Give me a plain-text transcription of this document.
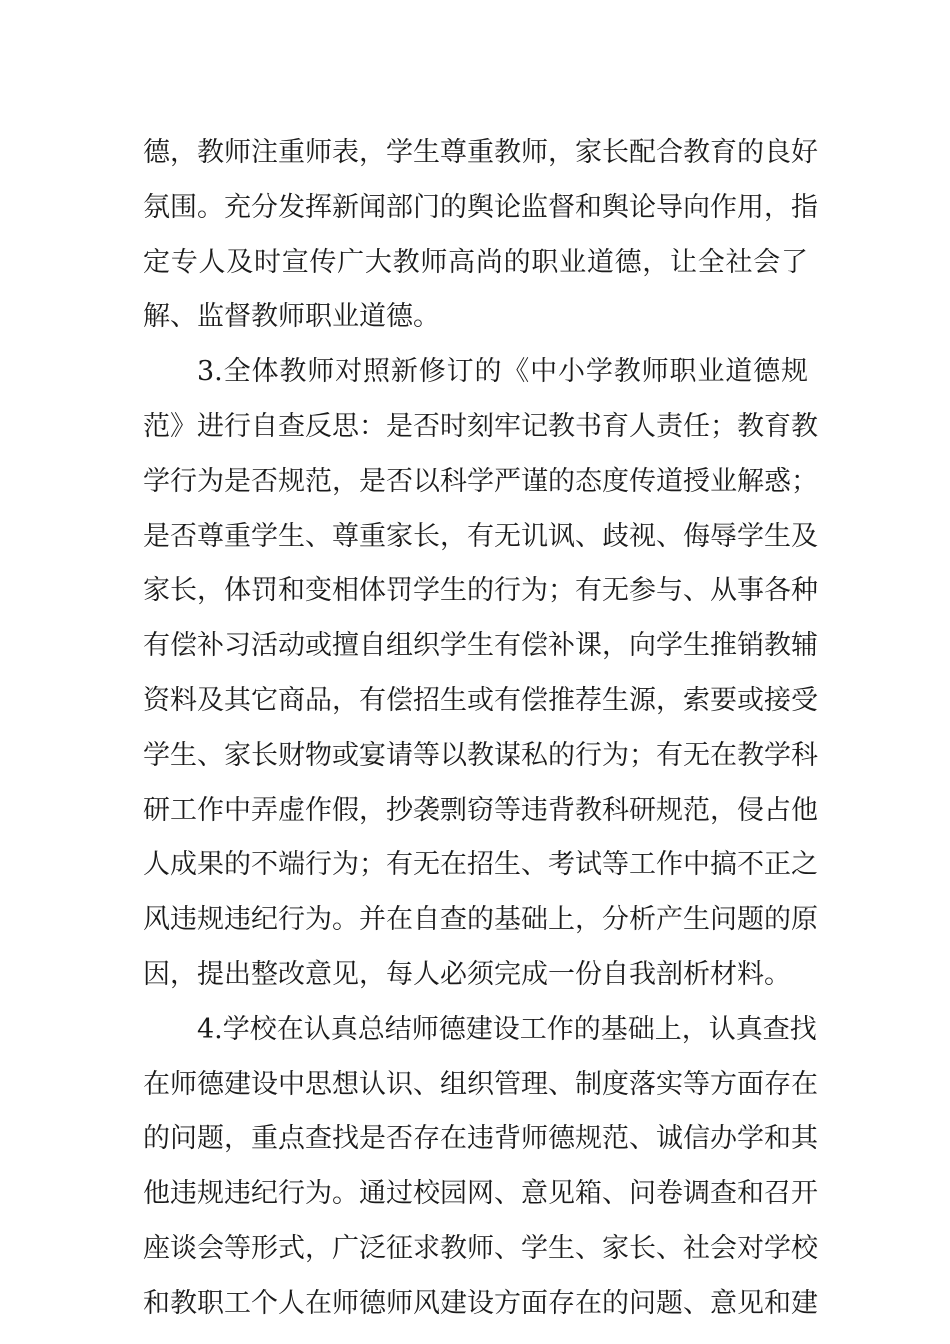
德，教师注重师表，学生尊重教师，家长配合教育的良好
氛围。充分发挥新闻部门的舆论监督和舆论导向作用，指
定专人及时宣传广大教师高尚的职业道德，让全社会了
解、监督教师职业道德。
3.全体教师对照新修订的《中小学教师职业道德规
范》进行自查反思：是否时刻牢记教书育人责任；教育教
学行为是否规范，是否以科学严谨的态度传道授业解惑；
是否尊重学生、尊重家长，有无讥讽、歧视、侮辱学生及
家长，体罚和变相体罚学生的行为；有无参与、从事各种
有偿补习活动或擅自组织学生有偿补课，向学生推销教辅
资料及其它商品，有偿招生或有偿推荐生源，索要或接受
学生、家长财物或宴请等以教谋私的行为；有无在教学科
研工作中弄虚作假，抄袭剽窃等违背教科研规范，侵占他
人成果的不端行为；有无在招生、考试等工作中搞不正之
风违规违纪行为。并在自查的基础上，分析产生问题的原
因，提出整改意见，每人必须完成一份自我剖析材料。
4.学校在认真总结师德建设工作的基础上，认真查找
在师德建设中思想认识、组织管理、制度落实等方面存在
的问题，重点查找是否存在违背师德规范、诚信办学和其
他违规违纪行为。通过校园网、意见箱、问卷调查和召开
座谈会等形式，广泛征求教师、学生、家长、社会对学校
和教职工个人在师德师风建设方面存在的问题、意见和建
